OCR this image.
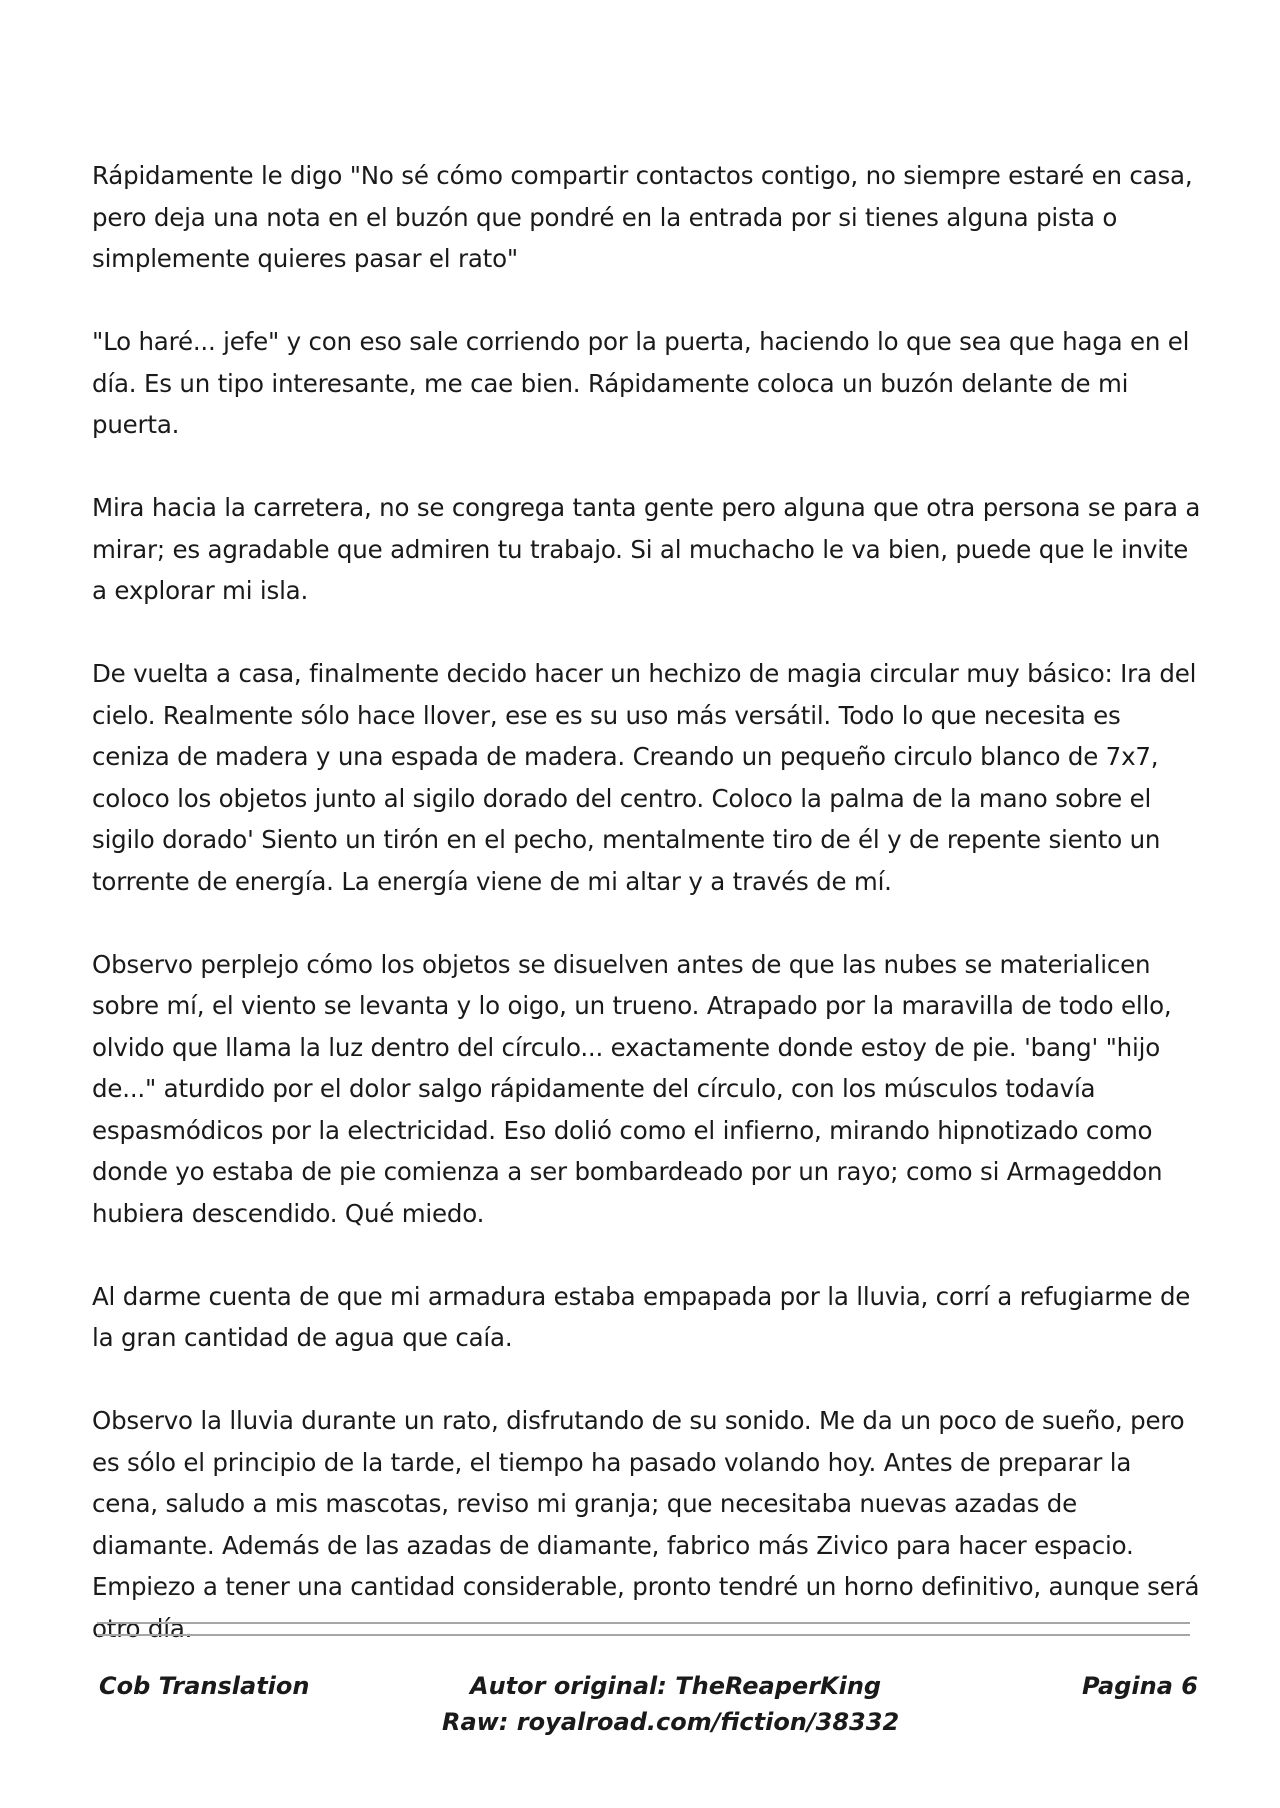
Rápidamente le digo "No sé cómo compartir contactos contigo, no siempre estaré en casa, pero deja una nota en el buzón que pondré en la entrada por si tienes alguna pista o simplemente quieres pasar el rato"

"Lo haré... jefe" y con eso sale corriendo por la puerta, haciendo lo que sea que haga en el día. Es un tipo interesante, me cae bien. Rápidamente coloca un buzón delante de mi puerta.

Mira hacia la carretera, no se congrega tanta gente pero alguna que otra persona se para a mirar; es agradable que admiren tu trabajo. Si al muchacho le va bien, puede que le invite a explorar mi isla.

De vuelta a casa, finalmente decido hacer un hechizo de magia circular muy básico: Ira del cielo. Realmente sólo hace llover, ese es su uso más versátil. Todo lo que necesita es ceniza de madera y una espada de madera. Creando un pequeño circulo blanco de 7x7, coloco los objetos junto al sigilo dorado del centro. Coloco la palma de la mano sobre el sigilo dorado' Siento un tirón en el pecho, mentalmente tiro de él y de repente siento un torrente de energía. La energía viene de mi altar y a través de mí.

Observo perplejo cómo los objetos se disuelven antes de que las nubes se materialicen sobre mí, el viento se levanta y lo oigo, un trueno. Atrapado por la maravilla de todo ello, olvido que llama la luz dentro del círculo... exactamente donde estoy de pie. 'bang' "hijo de..." aturdido por el dolor salgo rápidamente del círculo, con los músculos todavía espasmódicos por la electricidad. Eso dolió como el infierno, mirando hipnotizado como donde yo estaba de pie comienza a ser bombardeado por un rayo; como si Armageddon hubiera descendido. Qué miedo.

Al darme cuenta de que mi armadura estaba empapada por la lluvia, corrí a refugiarme de la gran cantidad de agua que caía.

Observo la lluvia durante un rato, disfrutando de su sonido. Me da un poco de sueño, pero es sólo el principio de la tarde, el tiempo ha pasado volando hoy. Antes de preparar la cena, saludo a mis mascotas, reviso mi granja; que necesitaba nuevas azadas de diamante. Además de las azadas de diamante, fabrico más Zivico para hacer espacio. Empiezo a tener una cantidad considerable, pronto tendré un horno definitivo, aunque será otro día.

Cob Translation	Autor original: TheReaperKing
Raw: royalroad.com/fiction/38332
Pagina 6
